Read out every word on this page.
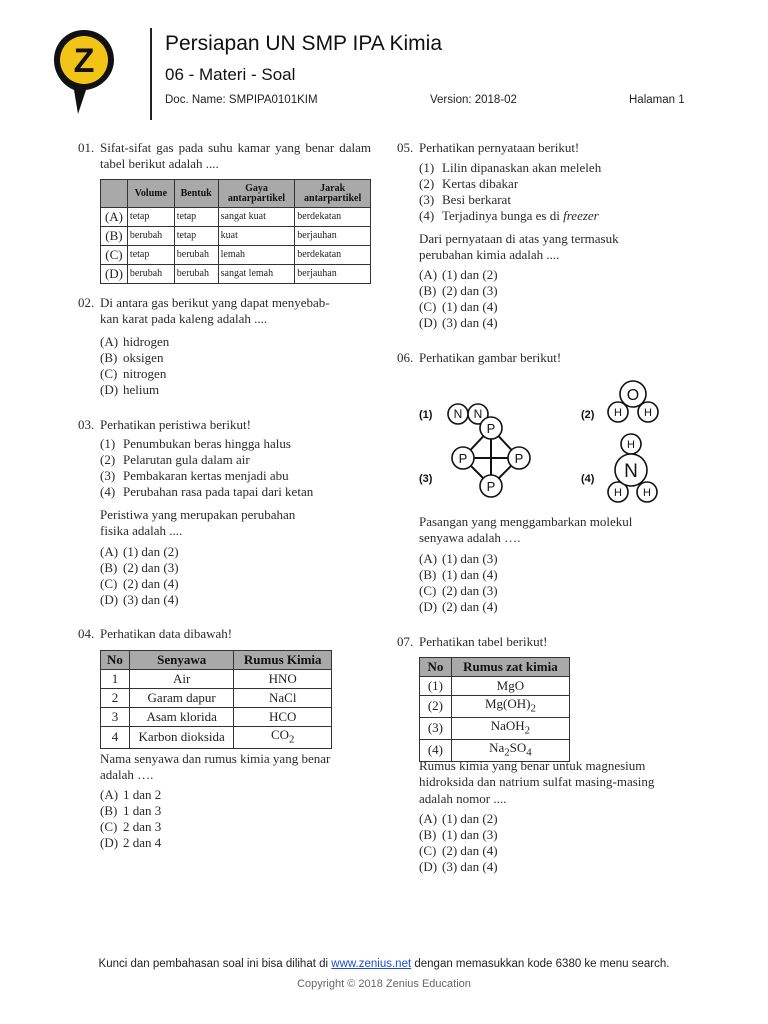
Z	Persiapan UN SMP IPA Kimia
06 - Materi - Soal
Doc. Name: SMPIPA0101KIM	Version: 2018-02	Halaman 1
01. Sifat-sifat gas pada suhu kamar yang benar dalam tabel berikut adalah ....
	Volume	Bentuk	Gaya antarpartikel	Jarak antarpartikel
(A)	tetap	tetap	sangat kuat	berdekatan
(B)	berubah	tetap	kuat	berjauhan
(C)	tetap	berubah	lemah	berdekatan
(D)	berubah	berubah	sangat lemah	berjauhan
02. Di antara gas berikut yang dapat menyebab-
kan karat pada kaleng adalah ....
(A) hidrogen
(B) oksigen
(C) nitrogen
(D) helium
03. Perhatikan peristiwa berikut!
(1) Penumbukan beras hingga halus
(2) Pelarutan gula dalam air
(3) Pembakaran kertas menjadi abu
(4) Perubahan rasa pada tapai dari ketan
Peristiwa yang merupakan perubahan
fisika adalah ....
(A) (1) dan (2)
(B) (2) dan (3)
(C) (2) dan (4)
(D) (3) dan (4)
04. Perhatikan data dibawah!
No	Senyawa	Rumus Kimia
1	Air	HNO
2	Garam dapur	NaCl
3	Asam klorida	HCO
4	Karbon dioksida	$CO_2$
Nama senyawa dan rumus kimia yang benar
adalah ….
(A) 1 dan 2
(B) 1 dan 3
(C) 2 dan 3
(D) 2 dan 4
05. Perhatikan pernyataan berikut!
(1) Lilin dipanaskan akan meleleh
(2) Kertas dibakar
(3) Besi berkarat
(4) Terjadinya bunga es di freezer
Dari pernyataan di atas yang termasuk
perubahan kimia adalah ....
(A) (1) dan (2)
(B) (2) dan (3)
(C) (1) dan (4)
(D) (3) dan (4)
06. Perhatikan gambar berikut!
(1)	(2)
(3)	(4)
N N
O
H H
P
P	P
P
H
N
H H
Pasangan yang menggambarkan molekul
senyawa adalah ….
(A) (1) dan (3)
(B) (1) dan (4)
(C) (2) dan (3)
(D) (2) dan (4)
07. Perhatikan tabel berikut!
No	Rumus zat kimia
(1)	MgO
(2)	$Mg(OH)_2$
(3)	NaOH$_2$
(4)	$Na_2SO_4$
Rumus kimia yang benar untuk magnesium
hidroksida dan natrium sulfat masing-masing
adalah nomor ....
(A) (1) dan (2)
(B) (1) dan (3)
(C) (2) dan (4)
(D) (3) dan (4)
Kunci dan pembahasan soal ini bisa dilihat di www.zenius.net dengan memasukkan kode 6380 ke menu search.
Copyright © 2018 Zenius Education
